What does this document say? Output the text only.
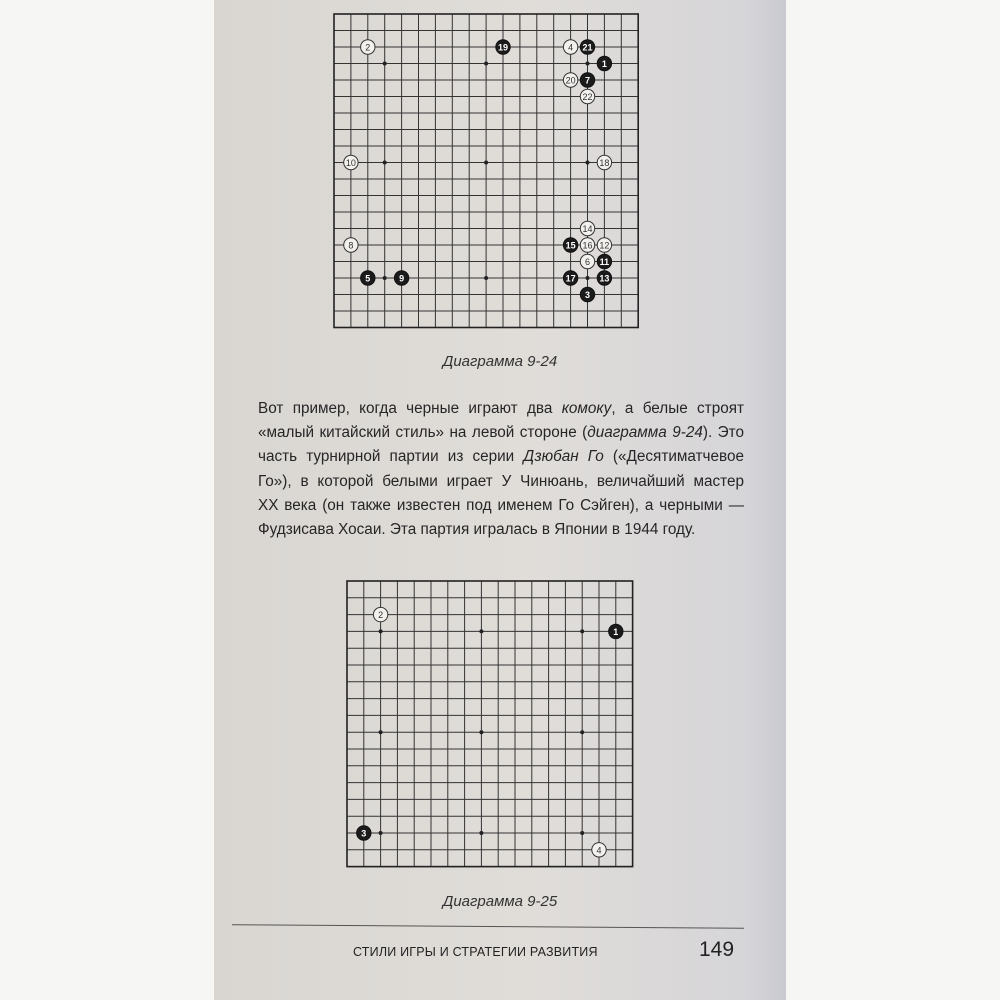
2	19	4 21
1
20 7
22
10	18
14
8	15 16 12
6 11
5	9	17	13
3
Диаграмма 9-24
Вот пример, когда черные играют два комоку, а белые строят
«малый китайский стиль» на левой стороне (диаграмма 9-24). Это
часть турнирной партии из серии Дзюбан Го («Десятиматчевое
Го»), в которой белыми играет У Чинюань, величайший мастер
XX века (он также известен под именем Го Сэйген), а черными —
Фудзисава Хосаи. Эта партия игралась в Японии в 1944 году.
2
1
3
4
Диаграмма 9-25
СТИЛИ ИГРЫ И СТРАТЕГИИ РАЗВИТИЯ	149
